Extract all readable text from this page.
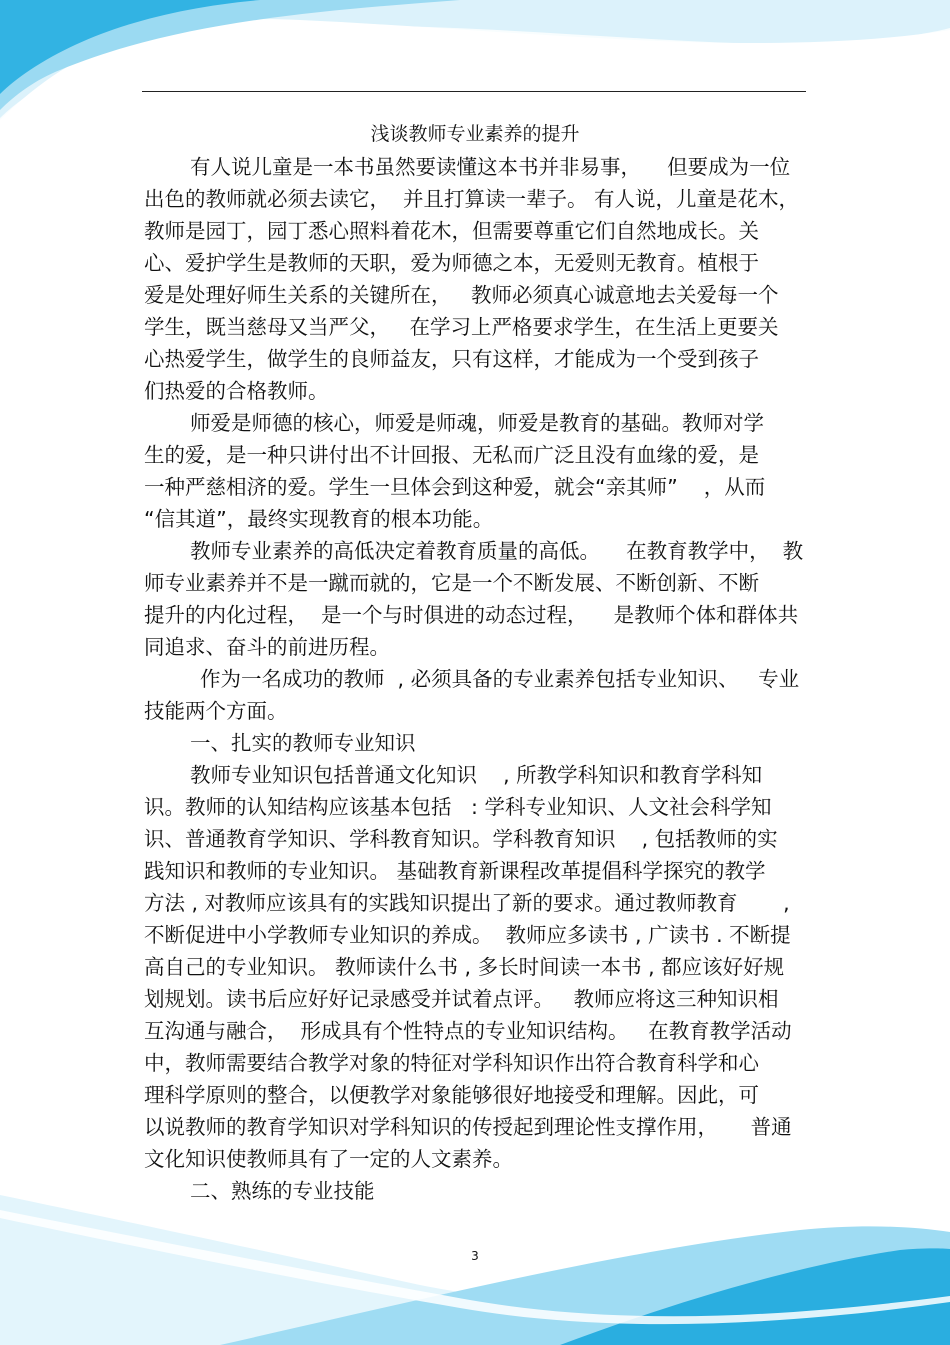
浅谈教师专业素养的提升
有人说儿童是一本书虽然要读懂这本书并非易事，    但要成为一位
出色的教师就必须去读它，  并且打算读一辈子。 有人说，儿童是花木，
教师是园丁，园丁悉心照料着花木，但需要尊重它们自然地成长。关
心、爱护学生是教师的天职，爱为师德之本，无爱则无教育。植根于
爱是处理好师生关系的关键所在，   教师必须真心诚意地去关爱每一个
学生，既当慈母又当严父，   在学习上严格要求学生，在生活上更要关
心热爱学生，做学生的良师益友，只有这样，才能成为一个受到孩子
们热爱的合格教师。
师爱是师德的核心，师爱是师魂，师爱是教育的基础。教师对学
生的爱，是一种只讲付出不计回报、无私而广泛且没有血缘的爱，是
一种严慈相济的爱。学生一旦体会到这种爱，就会“亲其师”    ，从而
“信其道”，最终实现教育的根本功能。
教师专业素养的高低决定着教育质量的高低。    在教育教学中，  教
师专业素养并不是一蹴而就的，它是一个不断发展、不断创新、不断
提升的内化过程，  是一个与时俱进的动态过程，    是教师个体和群体共
同追求、奋斗的前进历程。
作为一名成功的教师  , 必须具备的专业素养包括专业知识、   专业
技能两个方面。
一、扎实的教师专业知识
教师专业知识包括普通文化知识    , 所教学科知识和教育学科知
识。教师的认知结构应该基本包括   : 学科专业知识、人文社会科学知
识、普通教育学知识、学科教育知识。学科教育知识    , 包括教师的实
践知识和教师的专业知识。 基础教育新课程改革提倡科学探究的教学
方法 , 对教师应该具有的实践知识提出了新的要求。通过教师教育       ,
不断促进中小学教师专业知识的养成。  教师应多读书 , 广读书 . 不断提
高自己的专业知识。 教师读什么书 , 多长时间读一本书 , 都应该好好规
划规划。读书后应好好记录感受并试着点评。   教师应将这三种知识相
互沟通与融合，  形成具有个性特点的专业知识结构。   在教育教学活动
中，教师需要结合教学对象的特征对学科知识作出符合教育科学和心
理科学原则的整合，以便教学对象能够很好地接受和理解。因此，可
以说教师的教育学知识对学科知识的传授起到理论性支撑作用，     普通
文化知识使教师具有了一定的人文素养。
二、熟练的专业技能
3
